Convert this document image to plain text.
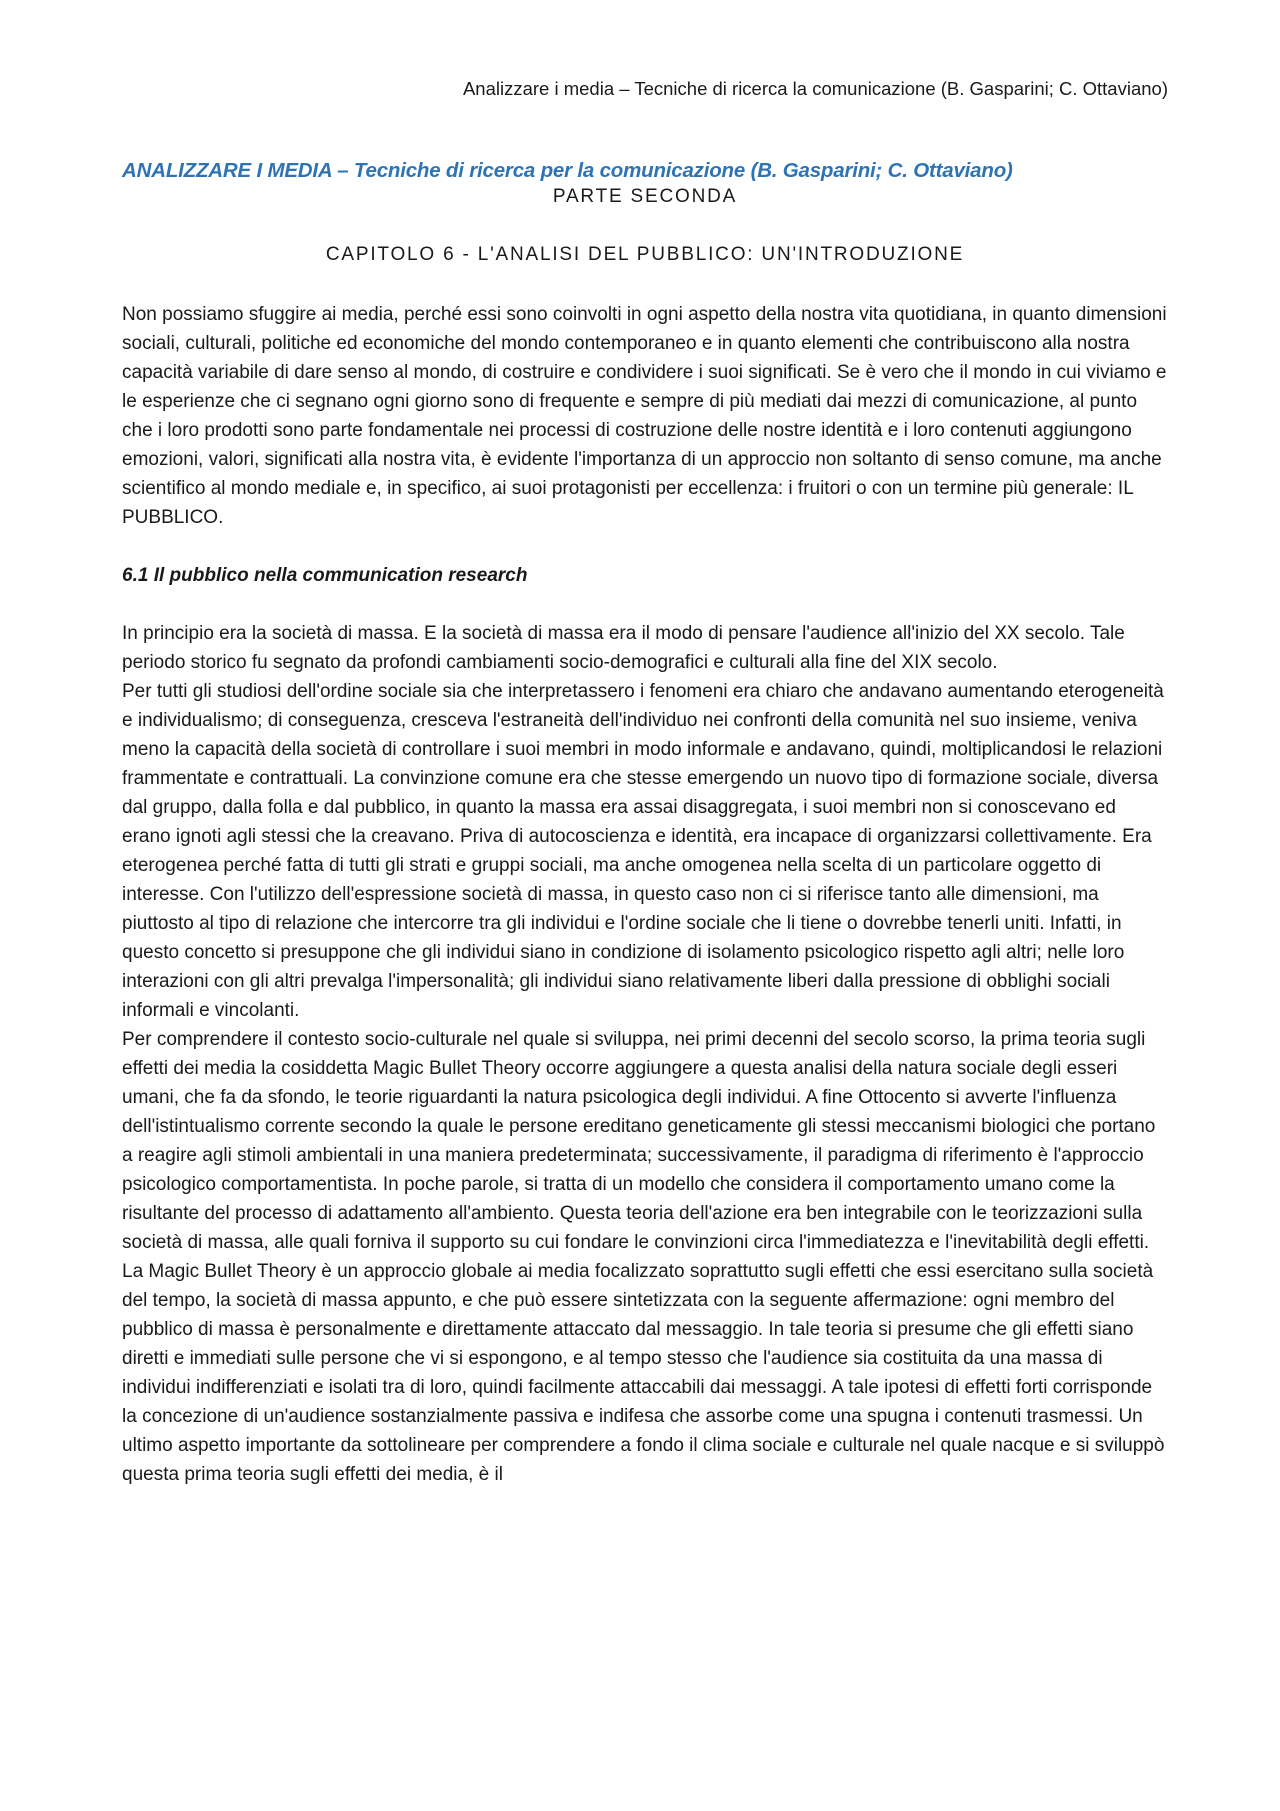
Analizzare i media – Tecniche di ricerca la comunicazione (B. Gasparini; C. Ottaviano)
ANALIZZARE I MEDIA – Tecniche di ricerca per la comunicazione (B. Gasparini; C. Ottaviano)
PARTE SECONDA
CAPITOLO 6 - L'ANALISI DEL PUBBLICO: UN'INTRODUZIONE

Non possiamo sfuggire ai media, perché essi sono coinvolti in ogni aspetto della nostra vita quotidiana, in quanto dimensioni sociali, culturali, politiche ed economiche del mondo contemporaneo e in quanto elementi che contribuiscono alla nostra capacità variabile di dare senso al mondo, di costruire e condividere i suoi significati. Se è vero che il mondo in cui viviamo e le esperienze che ci segnano ogni giorno sono di frequente e sempre di più mediati dai mezzi di comunicazione, al punto che i loro prodotti sono parte fondamentale nei processi di costruzione delle nostre identità e i loro contenuti aggiungono emozioni, valori, significati alla nostra vita, è evidente l'importanza di un approccio non soltanto di senso comune, ma anche scientifico al mondo mediale e, in specifico, ai suoi protagonisti per eccellenza: i fruitori o con un termine più generale: IL PUBBLICO.

6.1 Il pubblico nella communication research

In principio era la società di massa. E la società di massa era il modo di pensare l'audience all'inizio del XX secolo. Tale periodo storico fu segnato da profondi cambiamenti socio-demografici e culturali alla fine del XIX secolo.

Per tutti gli studiosi dell'ordine sociale sia che interpretassero i fenomeni era chiaro che andavano aumentando eterogeneità e individualismo; di conseguenza, cresceva l'estraneità dell'individuo nei confronti della comunità nel suo insieme, veniva meno la capacità della società di controllare i suoi membri in modo informale e andavano, quindi, moltiplicandosi le relazioni frammentate e contrattuali. La convinzione comune era che stesse emergendo un nuovo tipo di formazione sociale, diversa dal gruppo, dalla folla e dal pubblico, in quanto la massa era assai disaggregata, i suoi membri non si conoscevano ed erano ignoti agli stessi che la creavano. Priva di autocoscienza e identità, era incapace di organizzarsi collettivamente. Era eterogenea perché fatta di tutti gli strati e gruppi sociali, ma anche omogenea nella scelta di un particolare oggetto di interesse. Con l'utilizzo dell'espressione società di massa, in questo caso non ci si riferisce tanto alle dimensioni, ma piuttosto al tipo di relazione che intercorre tra gli individui e l'ordine sociale che li tiene o dovrebbe tenerli uniti. Infatti, in questo concetto si presuppone che gli individui siano in condizione di isolamento psicologico rispetto agli altri; nelle loro interazioni con gli altri prevalga l'impersonalità; gli individui siano relativamente liberi dalla pressione di obblighi sociali informali e vincolanti.

Per comprendere il contesto socio-culturale nel quale si sviluppa, nei primi decenni del secolo scorso, la prima teoria sugli effetti dei media la cosiddetta Magic Bullet Theory occorre aggiungere a questa analisi della natura sociale degli esseri umani, che fa da sfondo, le teorie riguardanti la natura psicologica degli individui. A fine Ottocento si avverte l'influenza dell'istintualismo corrente secondo la quale le persone ereditano geneticamente gli stessi meccanismi biologici che portano a reagire agli stimoli ambientali in una maniera predeterminata; successivamente, il paradigma di riferimento è l'approccio psicologico comportamentista. In poche parole, si tratta di un modello che considera il comportamento umano come la risultante del processo di adattamento all'ambiento. Questa teoria dell'azione era ben integrabile con le teorizzazioni sulla società di massa, alle quali forniva il supporto su cui fondare le convinzioni circa l'immediatezza e l'inevitabilità degli effetti. La Magic Bullet Theory è un approccio globale ai media focalizzato soprattutto sugli effetti che essi esercitano sulla società del tempo, la società di massa appunto, e che può essere sintetizzata con la seguente affermazione: ogni membro del pubblico di massa è personalmente e direttamente attaccato dal messaggio. In tale teoria si presume che gli effetti siano diretti e immediati sulle persone che vi si espongono, e al tempo stesso che l'audience sia costituita da una massa di individui indifferenziati e isolati tra di loro, quindi facilmente attaccabili dai messaggi. A tale ipotesi di effetti forti corrisponde la concezione di un'audience sostanzialmente passiva e indifesa che assorbe come una spugna i contenuti trasmessi. Un ultimo aspetto importante da sottolineare per comprendere a fondo il clima sociale e culturale nel quale nacque e si sviluppò questa prima teoria sugli effetti dei media, è il
